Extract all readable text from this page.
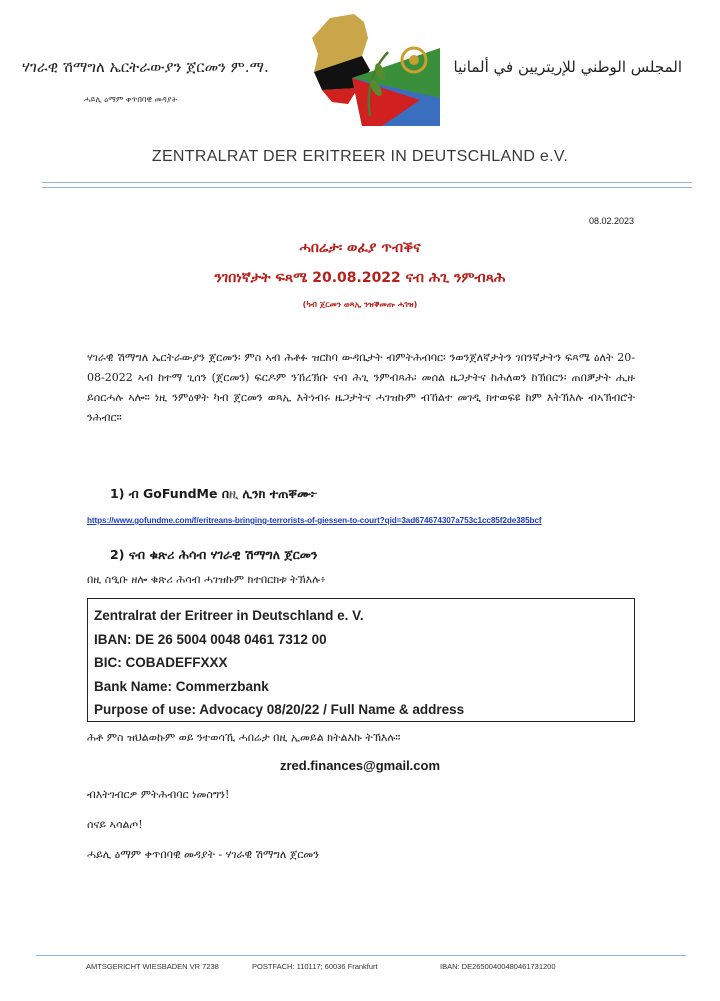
ሃገራዊ ሽማግለ ኤርትራውያን ጀርመን ም.ማ.
ሓይሊ ዕማም ቀጥበባዊ መዳያት
المجلس الوطني للإريتريين في ألمانيا
ZENTRALRAT DER ERITREER IN DEUTSCHLAND e.V.
08.02.2023
ሓበሬታ፡ ወፈያ ጥብቕና
ንገበነኛታት ፍጻሜ 20.08.2022 ናብ ሕጊ ንምብጻሕ
(ካብ ጀርመን ወጻኢ ንዝቕመጡ ሓገዝ)
ሃገራዊ ሽማግለ ኤርትራውያን ጀርመን፡ ምስ ኣብ ሕቶፉ ዝርከባ ውዳቤታት ብምትሕብባር፡ ንወንጀለኛታትን ገበንኛታትን ፍጻሜ ዕለት 20-08-2022 ኣብ ከተማ ጊሰን (ጀርመን) ፍርዶም ንኸረኽቡ ናብ ሕጊ ንምብጻሕ፡ መሰል ዜጋታትና ከሕለወን ከኽበርን፡ ጠበቓታት ሒዙ ይሰርሓሉ ኣሎ። ነዚ ንምዕዋት ካብ ጀርመን ወጻኢ እትነብሩ ዜጋታትና ሓገዝኩም ብኸልተ መገዲ ክተወፍዩ ከም እትኽእሉ ብኣኽብሮት ንሕብር።
1) ብ GoFundMe በዚ ሊንክ ተጠቐሙ፦
https://www.gofundme.com/f/eritreans-bringing-terrorists-of-giessen-to-court?qid=3ad674674307a753c1cc85f2de385bcf
2) ናብ ቁጽሪ ሕሳብ ሃገራዊ ሽማግለ ጀርመን
በዚ ስዒቡ ዘሎ ቁጽሪ ሕሳብ ሓገዝኩም ክተበርክቱ ትኽእሉ፥
Zentralrat der Eritreer in Deutschland e. V.
IBAN: DE 26 5004 0048 0461 7312 00
BIC: COBADEFFXXX
Bank Name: Commerzbank
Purpose of use: Advocacy 08/20/22 / Full Name & address
ሕቶ ምስ ዝህልወኩም ወይ ንተወሳኺ ሓበሬታ በዚ ኢመይል ክትልእኩ ትኽእሉ።
zred.finances@gmail.com
ብእትገብርዎ ምትሕብባር ነመስግን!
ሰናይ ኣሳልጦ!
ሓይሊ ዕማም ቀጥበባዊ መዳያት - ሃገራዊ ሽማግለ ጀርመን
AMTSGERICHT WIESBADEN VR 7238	POSTFACH: 110117; 60036 Frankfurt	IBAN: DE26500400480461731200
